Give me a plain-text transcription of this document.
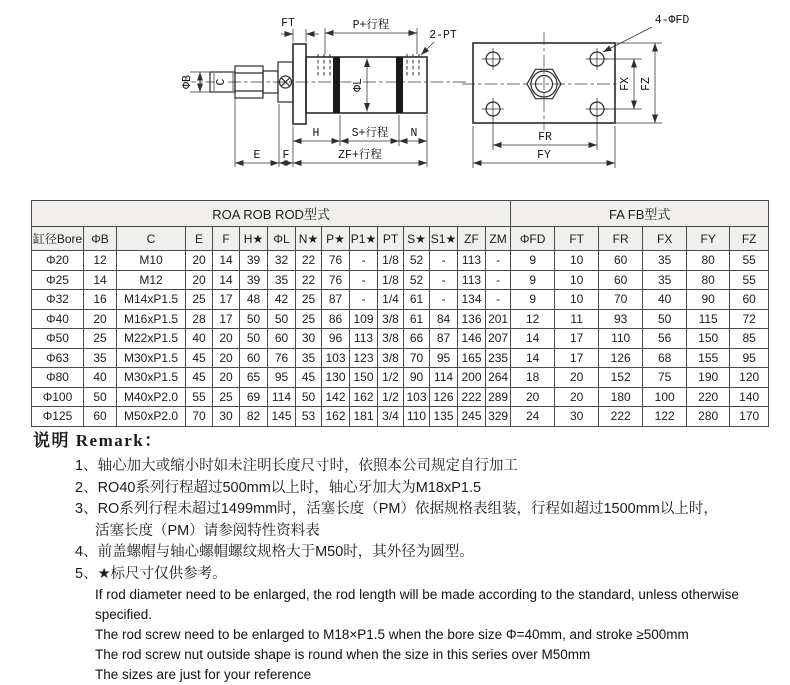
ΦB C	ΦL
FT	P+行程
2-PT
H	S+行程 N
E F	ZF+行程
4-ΦFD
FX FZ
FR
FY
ROA ROB ROD型式															FA FB型式					
缸径Bore	ΦB	C	E	F	H★	ΦL	N★	P★	P1★	PT	S★	S1★	ZF	ZM	ΦFD	FT	FR	FX	FY	FZ
Φ20	12	M10	20	14	39	32	22	76	-	1/8	52	-	113	-	9	10	60	35	80	55
Φ25	14	M12	20	14	39	35	22	76	-	1/8	52	-	113	-	9	10	60	35	80	55
Φ32	16	M14xP1.5	25	17	48	42	25	87	-	1/4	61	-	134	-	9	10	70	40	90	60
Φ40	20	M16xP1.5	28	17	50	50	25	86	109	3/8	61	84	136	201	12	11	93	50	115	72
Φ50	25	M22xP1.5	40	20	50	60	30	96	113	3/8	66	87	146	207	14	17	110	56	150	85
Φ63	35	M30xP1.5	45	20	60	76	35	103	123	3/8	70	95	165	235	14	17	126	68	155	95
Φ80	40	M30xP1.5	45	20	65	95	45	130	150	1/2	90	114	200	264	18	20	152	75	190	120
Φ100	50	M40xP2.0	55	25	69	114	50	142	162	1/2	103	126	222	289	20	20	180	100	220	140
Φ125	60	M50xP2.0	70	30	82	145	53	162	181	3/4	110	135	245	329	24	30	222	122	280	170

说明 Remark：

1、轴心加大或缩小时如未注明长度尺寸时，依照本公司规定自行加工

2、RO40系列行程超过500mm以上时，轴心牙加大为M18xP1.5

3、RO系列行程未超过1499mm时，活塞长度（PM）依据规格表组装，行程如超过1500mm以上时，

活塞长度（PM）请参阅特性资料表

4、前盖螺帽与轴心螺帽螺纹规格大于M50时，其外径为圆型。

5、★标尺寸仅供参考。

If rod diameter need to be enlarged, the rod length will be made according to the standard, unless otherwise specified.

The rod screw need to be enlarged to M18×P1.5 when the bore size Φ=40mm, and stroke ≥500mm

The rod screw nut outside shape is round when the size in this series over M50mm

The sizes are just for your reference
